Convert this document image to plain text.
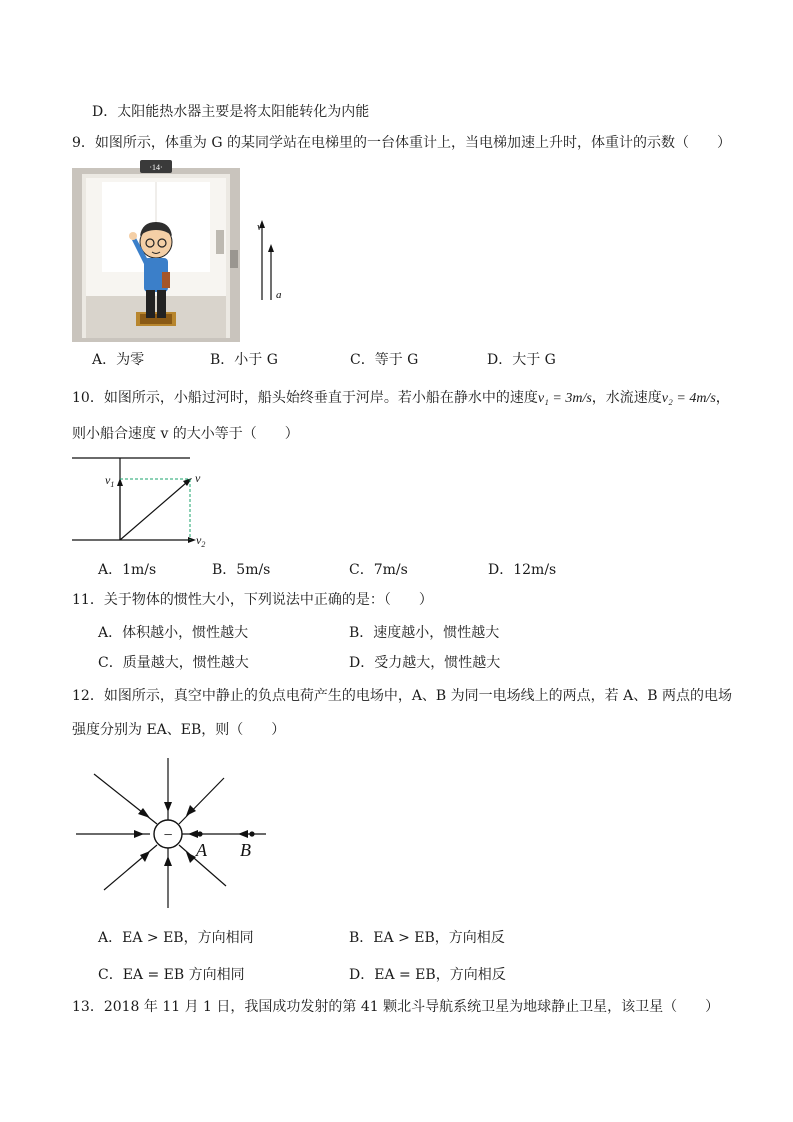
D．太阳能热水器主要是将太阳能转化为内能
9．如图所示，体重为 G 的某同学站在电梯里的一台体重计上，当电梯加速上升时，体重计的示数（　　）
·14·
v
a
A．为零	B．小于 G	C．等于 G	D．大于 G
10．如图所示，小船过河时，船头始终垂直于河岸。若小船在静水中的速度v₁ = 3m/s，水流速度v₂ = 4m/s，
则小船合速度 v 的大小等于（　　）
$v_1$	v
$v_2$
A．1m/s	B．5m/s	C．7m/s	D．12m/s
11．关于物体的惯性大小，下列说法中正确的是：（　　）
A．体积越小，惯性越大	B．速度越小，惯性越大
C．质量越大，惯性越大	D．受力越大，惯性越大
12．如图所示，真空中静止的负点电荷产生的电场中，A、B 为同一电场线上的两点，若 A、B 两点的电场
强度分别为 EA、EB，则（　　）
−
A B
A．EA > EB，方向相同	B．EA > EB，方向相反
C．EA = EB 方向相同	D．EA = EB，方向相反
13．2018 年 11 月 1 日，我国成功发射的第 41 颗北斗导航系统卫星为地球静止卫星，该卫星（　　）
